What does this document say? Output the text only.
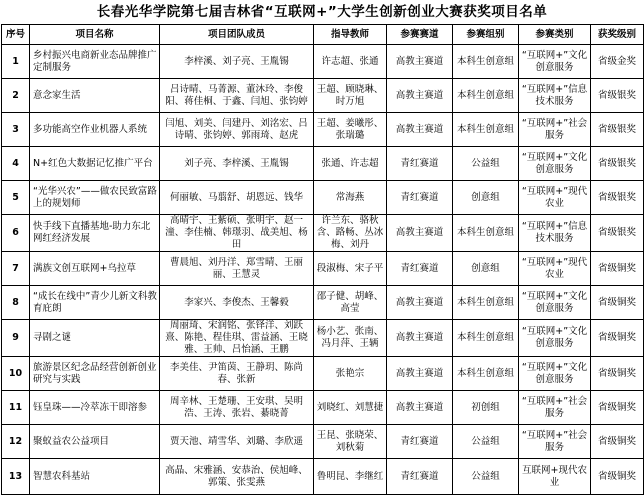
长春光华学院第七届吉林省“互联网+”大学生创新创业大赛获奖项目名单
序号	项目名称	项目团队成员	指导教师	参赛赛道	参赛组别	参赛类别	获奖级别
1	乡村振兴电商新业态品牌推广定制服务	李梓溪、刘子亮、王胤锡	许志超、张通	高教主赛道	本科生创意组	“互联网+”文化创意服务	省级金奖
2	意念家生活	吕诗晴、马菁源、董沐玲、李俊阳、蒋佳桐、于鑫、闫旭、张钧婷	王超、顾晓琳、时万旭	高教主赛道	本科生创意组	“互联网+”信息技术服务	省级银奖
3	多功能高空作业机器人系统	闫旭、刘美、闫建丹、刘洺宏、吕诗晴、张钧婷、郭雨琦、赵虎	王超、姜曦彤、张瑞璐	高教主赛道	本科生创意组	“互联网+”社会服务	省级银奖
4	N+红色大数据记忆推广平台	刘子亮、李梓溪、王胤锡	张通、许志超	青红赛道	公益组	“互联网+”文化创意服务	省级银奖
5	“光华兴农”——做农民致富路上的规划师	何丽敏、马翦舒、胡恩远、钱华	常海燕	青红赛道	创意组	“互联网+”现代农业	省级银奖
6	快手线下直播基地-助力东北网红经济发展	高晴宇、王紫硕、张明宇、赵一潼、李佳楠、韩璟羽、战美旭、杨田	许兰东、骆秋含、路畅、丛冰梅、刘丹	高教主赛道	本科生创意组	“互联网+”信息技术服务	省级银奖
7	满族文创互联网+乌拉草	曹晨旭、刘丹洋、郑雪晴、王丽丽、王慧灵	段淑梅、宋子平	青红赛道	创意组	“互联网+”现代农业	省级铜奖
8	“成长在线中”青少儿新文科教育庇朗	李家兴、李俊杰、王馨毅	邵子健、胡峰、高莹	高教主赛道	本科生创意组	“互联网+”文化创意服务	省级铜奖
9	寻剧之谜	周丽琦、宋润铭、张铎洋、刘跃熹、陈艳、程佳琪、雷益涵、王晓雅、王帅、吕怡涵、王鹏	杨小艺、张南、冯月萍、王辆	高教主赛道	本科生创意组	“互联网+”文化创意服务	省级铜奖
10	旅游景区纪念品经营创新创业研究与实践	李美佳、尹笛茵、王静玥、陈尚春、张新	张艳宗	高教主赛道	本科生创意组	“互联网+”文化创意服务	省级铜奖
11	钰皇珠——冷萃冻干即溶参	周辛林、王楚珊、王安琪、吴明浩、王涛、张岩、綦晓菁	刘晓红、刘慧捷	高教主赛道	初创组	“互联网+”社会服务	省级铜奖
12	聚蚁益农公益项目	贾天池、靖雪华、刘璐、李欣遥	王昆、张晓荣、刘秋菊	青红赛道	公益组	“互联网+”社会服务	省级铜奖
13	智慧农科基站	高晶、宋雅涵、安恭治、侯旭峰、郭策、张雯燕	鲁明昆、李继红	青红赛道	公益组	互联网+现代农业	省级铜奖
